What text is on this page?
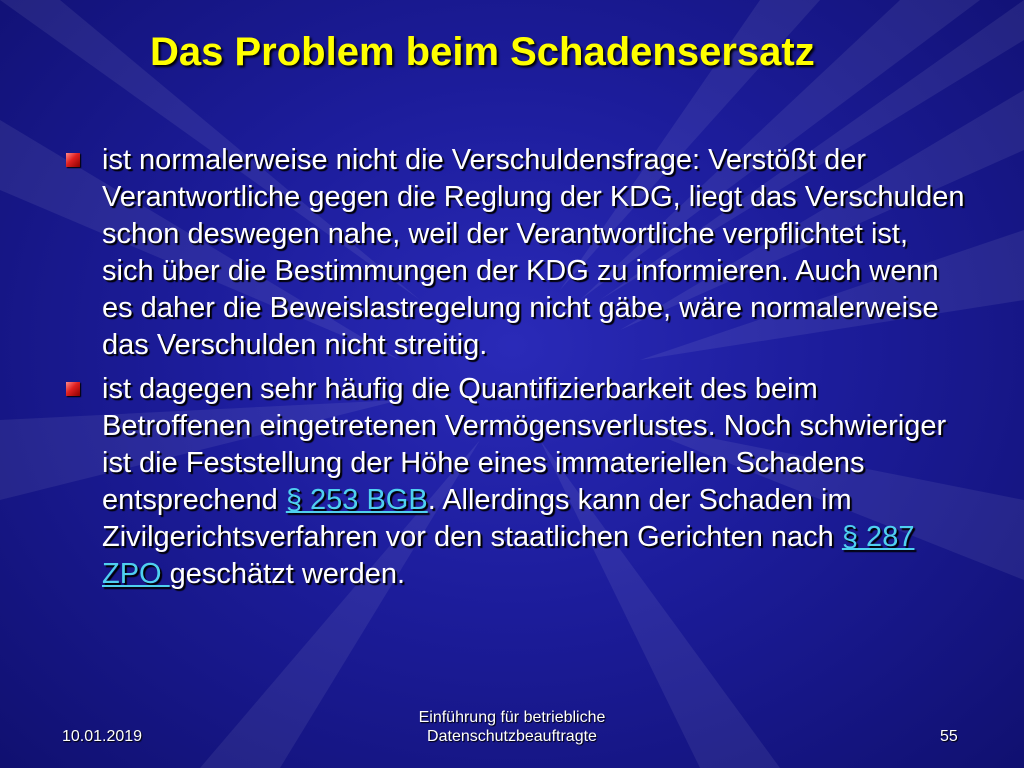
Das Problem beim Schadensersatz
ist normalerweise nicht die Verschuldensfrage: Verstößt der Verantwortliche gegen die Reglung der KDG, liegt das Verschulden schon deswegen nahe, weil der Verantwortliche verpflichtet ist, sich über die Bestimmungen der KDG zu informieren. Auch wenn es daher die Beweislastregelung nicht gäbe, wäre normalerweise das Verschulden nicht streitig.
ist dagegen sehr häufig die Quantifizierbarkeit des beim Betroffenen eingetretenen Vermögensverlustes. Noch schwieriger ist die Feststellung der Höhe eines immateriellen Schadens entsprechend § 253 BGB. Allerdings kann der Schaden im Zivilgerichtsverfahren vor den staatlichen Gerichten nach § 287 ZPO geschätzt werden.
10.01.2019
Einführung für betriebliche
Datenschutzbeauftragte	55
